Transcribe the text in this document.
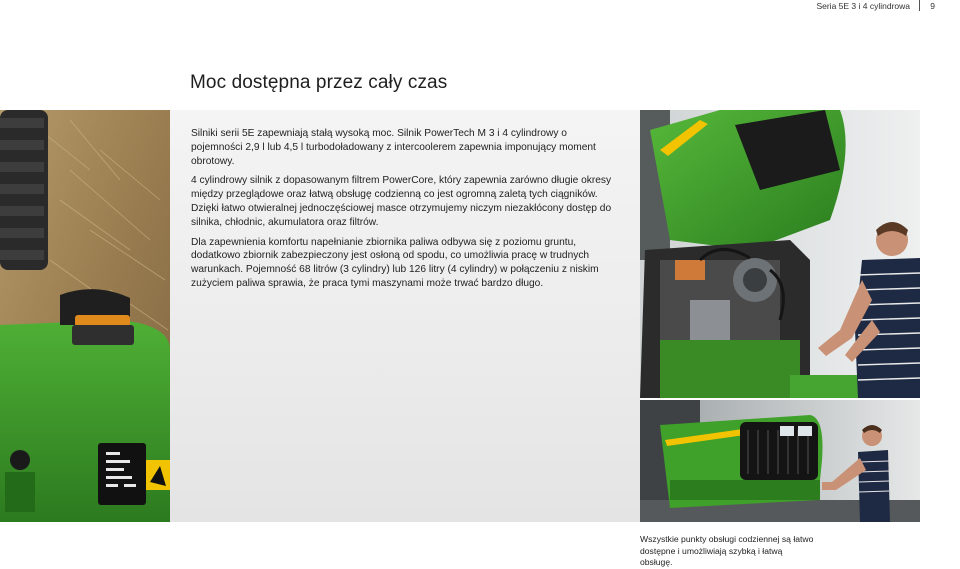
Seria 5E 3 i 4 cylindrowa 9
Moc dostępna przez cały czas

Silniki serii 5E zapewniają stałą wysoką moc. Silnik PowerTech M 3 i 4 cylindrowy o pojemności 2,9 l lub 4,5 l turbodoładowany z intercoolerem zapewnia imponujący moment obrotowy.

4 cylindrowy silnik z dopasowanym filtrem PowerCore, który zapewnia zarówno długie okresy między przeglądowe oraz łatwą obsługę codzienną co jest ogromną zaletą tych ciągników. Dzięki łatwo otwieralnej jednoczęściowej masce otrzymujemy niczym niezakłócony dostęp do silnika, chłodnic, akumulatora oraz filtrów.

Dla zapewnienia komfortu napełnianie zbiornika paliwa odbywa się z poziomu gruntu, dodatkowo zbiornik zabezpieczony jest osłoną od spodu, co umożliwia pracę w trudnych warunkach. Pojemność 68 litrów (3 cylindry) lub 126 litry (4 cylindry) w połączeniu z niskim zużyciem paliwa sprawia, że praca tymi maszynami może trwać bardzo długo.

Wszystkie punkty obsługi codziennej są łatwo dostępne i umożliwiają szybką i łatwą obsługę.
